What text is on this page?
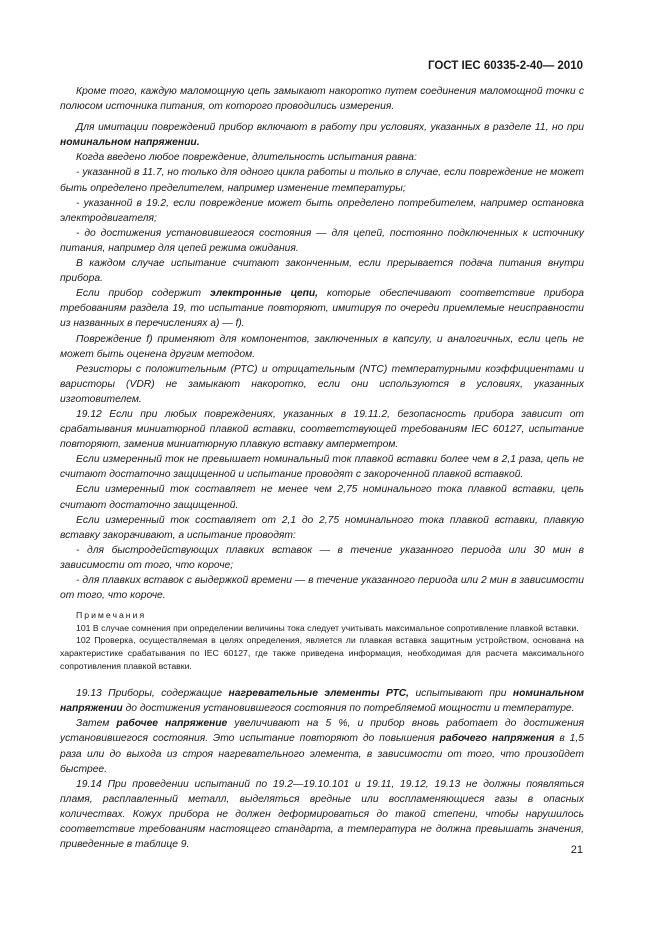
ГОСТ IEC 60335-2-40— 2010

Кроме того, каждую маломощную цепь замыкают накоротко путем соединения маломощной точки с полюсом источника питания, от которого проводились измерения.

Для имитации повреждений прибор включают в работу при условиях, указанных в разделе 11, но при номинальном напряжении.

Когда введено любое повреждение, длительность испытания равна:

- указанной в 11.7, но только для одного цикла работы и только в случае, если повреждение не может быть определено пределителем, например изменение температуры;

- указанной в 19.2, если повреждение может быть определено потребителем, например остановка электродвигателя;

- до достижения установившегося состояния — для цепей, постоянно подключенных к источнику питания, например для цепей режима ожидания.

В каждом случае испытание считают законченным, если прерывается подача питания внутри прибора.

Если прибор содержит электронные цепи, которые обеспечивают соответствие прибора требованиям раздела 19, то испытание повторяют, имитируя по очереди приемлемые неисправности из названных в перечислениях а) — f).

Повреждение f) применяют для компонентов, заключенных в капсулу, и аналогичных, если цепь не может быть оценена другим методом.

Резисторы с положительным (РТС) и отрицательным (NTC) температурными коэффициентами и варисторы (VDR) не замыкают накоротко, если они используются в условиях, указанных изготовителем.

19.12 Если при любых повреждениях, указанных в 19.11.2, безопасность прибора зависит от срабатывания миниатюрной плавкой вставки, соответствующей требованиям IEC 60127, испытание повторяют, заменив миниатюрную плавкую вставку амперметром.

Если измеренный ток не превышает номинальный ток плавкой вставки более чем в 2,1 раза, цепь не считают достаточно защищенной и испытание проводят с закороченной плавкой вставкой.

Если измеренный ток составляет не менее чем 2,75 номинального тока плавкой вставки, цепь считают достаточно защищенной.

Если измеренный ток составляет от 2,1 до 2,75 номинального тока плавкой вставки, плавкую вставку закорачивают, а испытание проводят:

- для быстродействующих плавких вставок — в течение указанного периода или 30 мин в зависимости от того, что короче;

- для плавких вставок с выдержкой времени — в течение указанного периода или 2 мин в зависимости от того, что короче.

Примечания

101 В случае сомнения при определении величины тока следует учитывать максимальное сопротивление плавкой вставки.

102 Проверка, осуществляемая в целях определения, является ли плавкая вставка защитным устройством, основана на характеристике срабатывания по IEC 60127, где также приведена информация, необходимая для расчета максимального сопротивления плавкой вставки.

19.13 Приборы, содержащие нагревательные элементы РТС, испытывают при номинальном напряжении до достижения установившегося состояния по потребляемой мощности и температуре.

Затем рабочее напряжение увеличивают на 5 %, и прибор вновь работает до достижения установившегося состояния. Это испытание повторяют до повышения рабочего напряжения в 1,5 раза или до выхода из строя нагревательного элемента, в зависимости от того, что произойдет быстрее.

19.14 При проведении испытаний по 19.2—19.10.101 и 19.11, 19.12, 19.13 не должны появляться пламя, расплавленный металл, выделяться вредные или воспламеняющиеся газы в опасных количествах. Кожух прибора не должен деформироваться до такой степени, чтобы нарушилось соответствие требованиям настоящего стандарта, а температура не должна превышать значения, приведенные в таблице 9.	21
